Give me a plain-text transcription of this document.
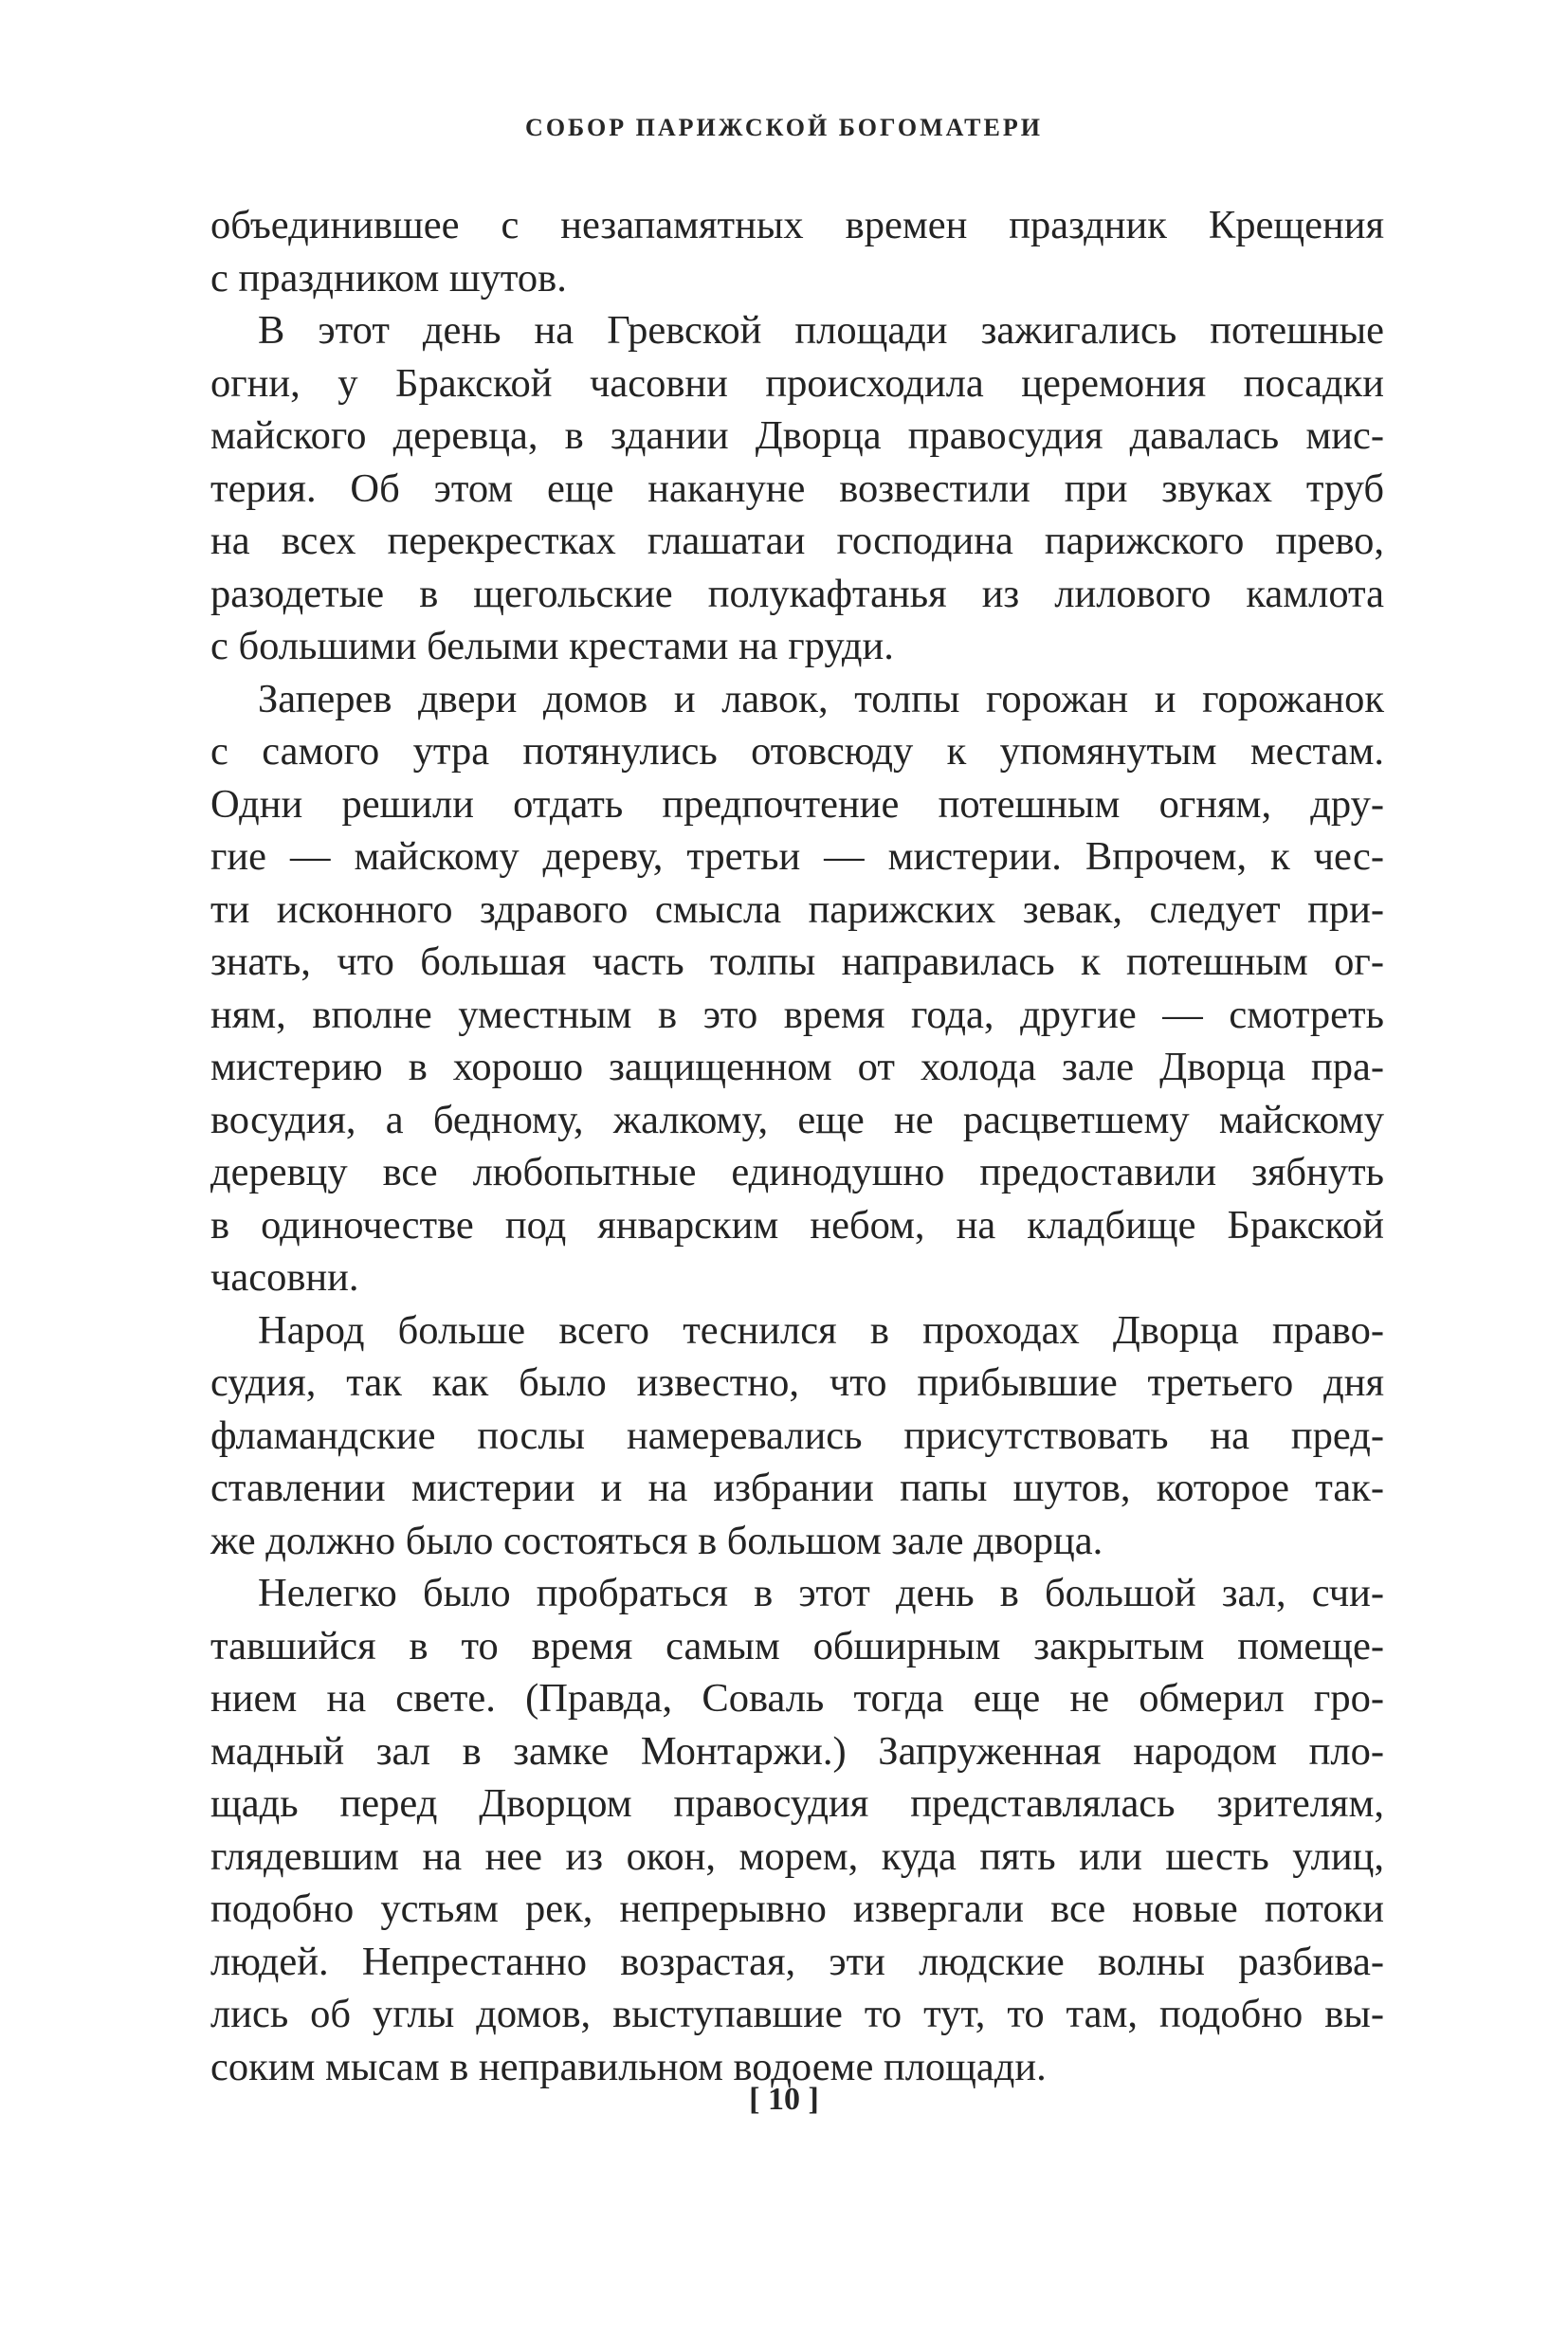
СОБОР ПАРИЖСКОЙ БОГОМАТЕРИ
объединившее с незапамятных времен праздник Крещения
с праздником шутов.
В этот день на Гревской площади зажигались потешные
огни, у Бракской часовни происходила церемония посадки
майского деревца, в здании Дворца правосудия давалась мис-
терия. Об этом еще накануне возвестили при звуках труб
на всех перекрестках глашатаи господина парижского прево,
разодетые в щегольские полукафтанья из лилового камлота
с большими белыми крестами на груди.
Заперев двери домов и лавок, толпы горожан и горожанок
с самого утра потянулись отовсюду к упомянутым местам.
Одни решили отдать предпочтение потешным огням, дру-
гие — майскому дереву, третьи — мистерии. Впрочем, к чес-
ти исконного здравого смысла парижских зевак, следует при-
знать, что большая часть толпы направилась к потешным ог-
ням, вполне уместным в это время года, другие — смотреть
мистерию в хорошо защищенном от холода зале Дворца пра-
восудия, а бедному, жалкому, еще не расцветшему майскому
деревцу все любопытные единодушно предоставили зябнуть
в одиночестве под январским небом, на кладбище Бракской
часовни.
Народ больше всего теснился в проходах Дворца право-
судия, так как было известно, что прибывшие третьего дня
фламандские послы намеревались присутствовать на пред-
ставлении мистерии и на избрании папы шутов, которое так-
же должно было состояться в большом зале дворца.
Нелегко было пробраться в этот день в большой зал, счи-
тавшийся в то время самым обширным закрытым помеще-
нием на свете. (Правда, Соваль тогда еще не обмерил гро-
мадный зал в замке Монтаржи.) Запруженная народом пло-
щадь перед Дворцом правосудия представлялась зрителям,
глядевшим на нее из окон, морем, куда пять или шесть улиц,
подобно устьям рек, непрерывно извергали все новые потоки
людей. Непрестанно возрастая, эти людские волны разбива-
лись об углы домов, выступавшие то тут, то там, подобно вы-
соким мысам в неправильном водоеме площади.
[ 10 ]
